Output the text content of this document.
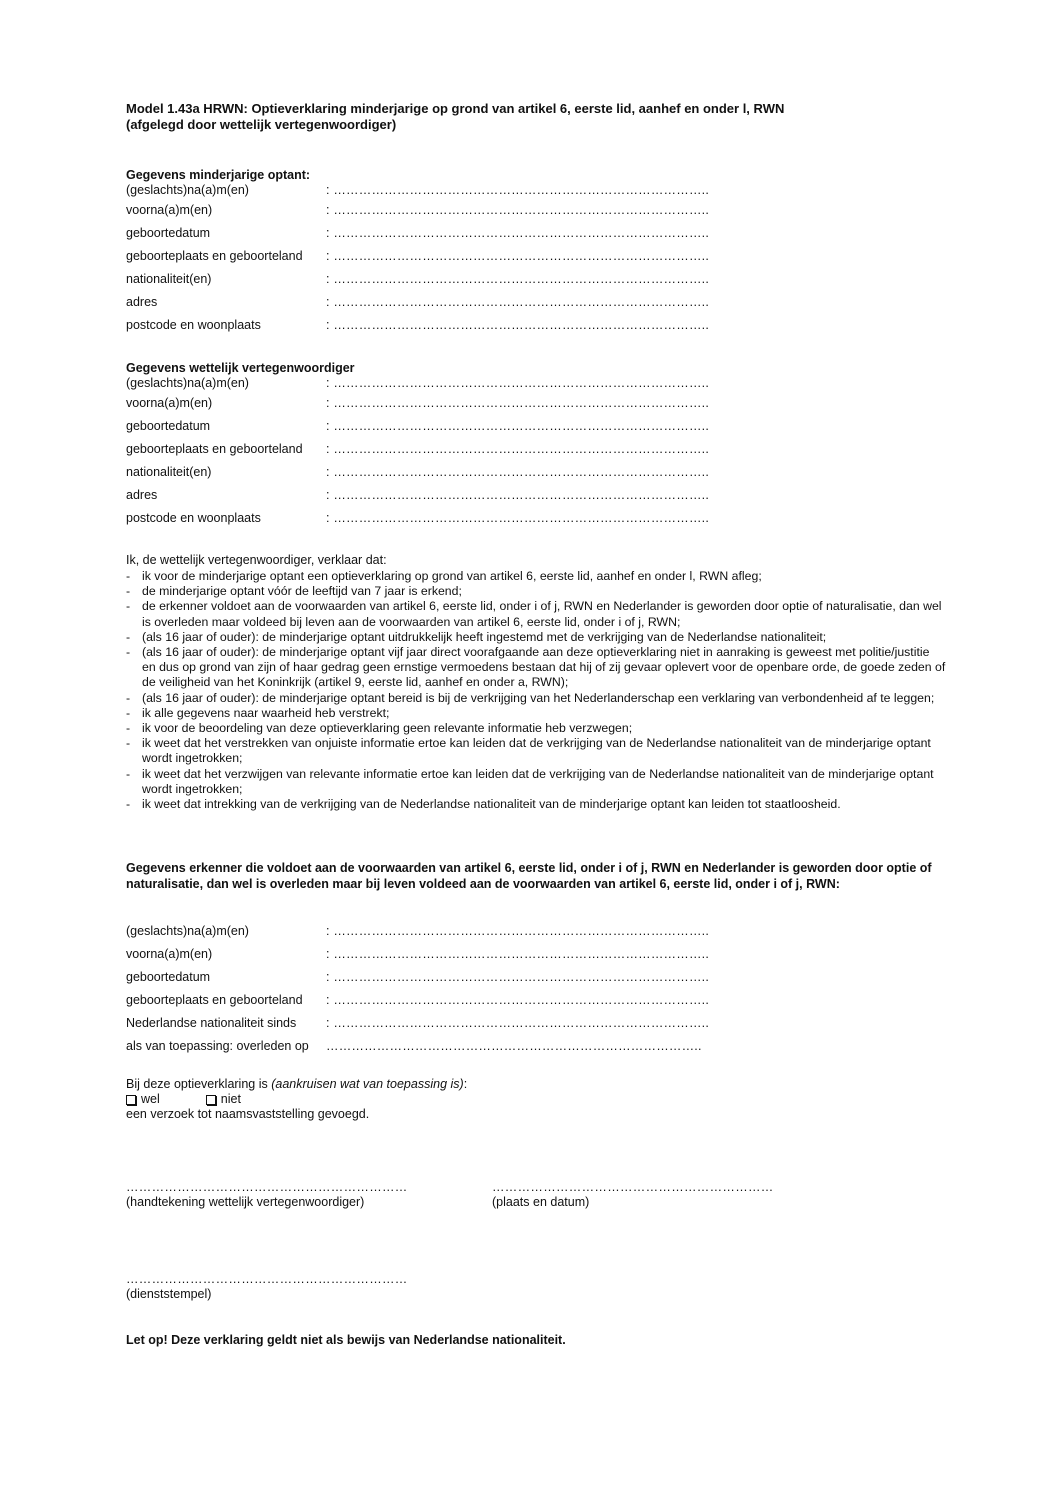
Model 1.43a HRWN: Optieverklaring minderjarige op grond van artikel 6, eerste lid, aanhef en onder l, RWN
(afgelegd door wettelijk vertegenwoordiger)
Gegevens minderjarige optant:
(geslachts)na(a)m(en)	: ……………………………………………………………………………..
voorna(a)m(en)	: ……………………………………………………………………………..
geboortedatum	: ……………………………………………………………………………..
geboorteplaats en geboorteland	: ……………………………………………………………………………..
nationaliteit(en)	: ……………………………………………………………………………..
adres	: ……………………………………………………………………………..
postcode en woonplaats	: ……………………………………………………………………………..
Gegevens wettelijk vertegenwoordiger
(geslachts)na(a)m(en)	: ……………………………………………………………………………..
voorna(a)m(en)	: ……………………………………………………………………………..
geboortedatum	: ……………………………………………………………………………..
geboorteplaats en geboorteland	: ……………………………………………………………………………..
nationaliteit(en)	: ……………………………………………………………………………..
adres	: ……………………………………………………………………………..
postcode en woonplaats	: ……………………………………………………………………………..
Ik, de wettelijk vertegenwoordiger, verklaar dat:
- ik voor de minderjarige optant een optieverklaring op grond van artikel 6, eerste lid, aanhef en onder l, RWN afleg;
- de minderjarige optant vóór de leeftijd van 7 jaar is erkend;
- de erkenner voldoet aan de voorwaarden van artikel 6, eerste lid, onder i of j, RWN en Nederlander is geworden door optie of naturalisatie, dan wel is overleden maar voldeed bij leven aan de voorwaarden van artikel 6, eerste lid, onder i of j, RWN;
- (als 16 jaar of ouder): de minderjarige optant uitdrukkelijk heeft ingestemd met de verkrijging van de Nederlandse nationaliteit;
- (als 16 jaar of ouder): de minderjarige optant vijf jaar direct voorafgaande aan deze optieverklaring niet in aanraking is geweest met politie/justitie en dus op grond van zijn of haar gedrag geen ernstige vermoedens bestaan dat hij of zij gevaar oplevert voor de openbare orde, de goede zeden of de veiligheid van het Koninkrijk (artikel 9, eerste lid, aanhef en onder a, RWN);
- (als 16 jaar of ouder): de minderjarige optant bereid is bij de verkrijging van het Nederlanderschap een verklaring van verbondenheid af te leggen;
- ik alle gegevens naar waarheid heb verstrekt;
- ik voor de beoordeling van deze optieverklaring geen relevante informatie heb verzwegen;
- ik weet dat het verstrekken van onjuiste informatie ertoe kan leiden dat de verkrijging van de Nederlandse nationaliteit van de minderjarige optant wordt ingetrokken;
- ik weet dat het verzwijgen van relevante informatie ertoe kan leiden dat de verkrijging van de Nederlandse nationaliteit van de minderjarige optant wordt ingetrokken;
- ik weet dat intrekking van de verkrijging van de Nederlandse nationaliteit van de minderjarige optant kan leiden tot staatloosheid.
Gegevens erkenner die voldoet aan de voorwaarden van artikel 6, eerste lid, onder i of j, RWN en Nederlander is geworden door optie of naturalisatie, dan wel is overleden maar bij leven voldeed aan de voorwaarden van artikel 6, eerste lid, onder i of j, RWN:
(geslachts)na(a)m(en)	: ……………………………………………………………………………..
voorna(a)m(en)	: ……………………………………………………………………………..
geboortedatum	: ……………………………………………………………………………..
geboorteplaats en geboorteland	: ……………………………………………………………………………..
Nederlandse nationaliteit sinds	: ……………………………………………………………………………..
als van toepassing: overleden op	……………………………………………………………………………..
Bij deze optieverklaring is (aankruisen wat van toepassing is):
wel	niet
een verzoek tot naamsvaststelling gevoegd.
…………………………………………………………
(handtekening wettelijk vertegenwoordiger)
…………………………………………………………
(plaats en datum)
…………………………………………………………
(dienststempel)
Let op! Deze verklaring geldt niet als bewijs van Nederlandse nationaliteit.
